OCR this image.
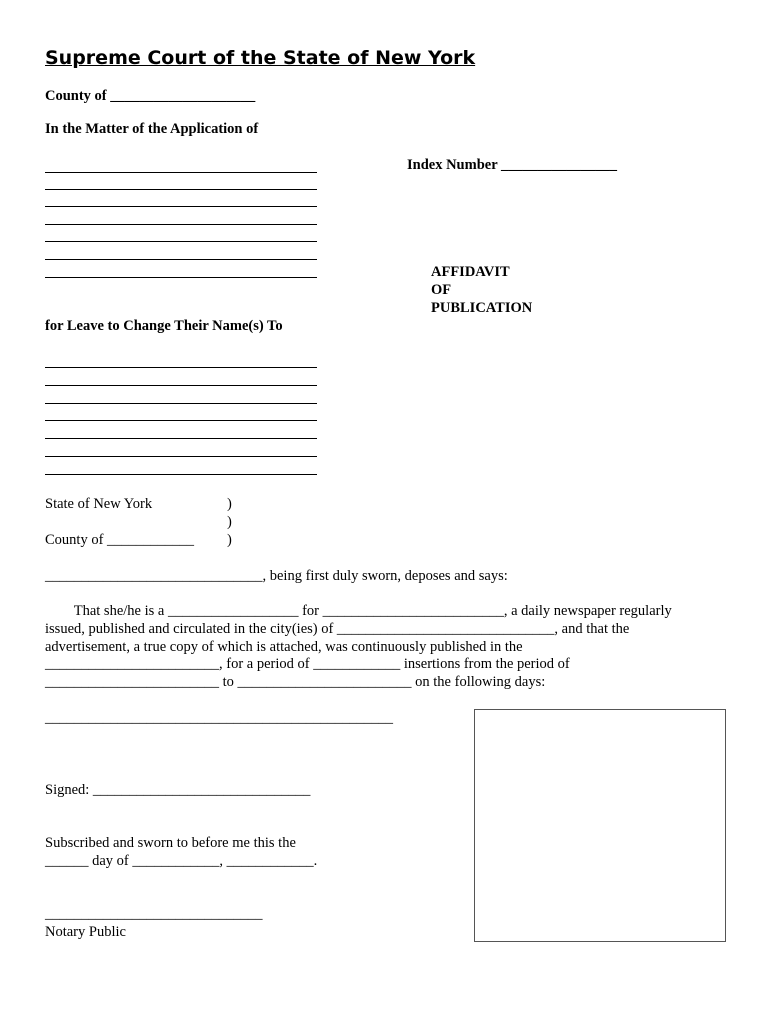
Supreme Court of the State of New York
County of ____________________
In the Matter of the Application of
Index Number ________________
AFFIDAVIT
OF
PUBLICATION
for Leave to Change Their Name(s) To
State of New York	)
)
)
County of ____________
______________________________, being first duly sworn, deposes and says:
That she/he is a __________________ for _________________________, a daily newspaper regularly
issued, published and circulated in the city(ies) of ______________________________, and that the
advertisement, a true copy of which is attached, was continuously published in the
________________________, for a period of ____________ insertions from the period of
________________________ to ________________________ on the following days:
________________________________________________
Signed: ______________________________
Subscribed and sworn to before me this the
______ day of ____________, ____________.
______________________________
Notary Public
